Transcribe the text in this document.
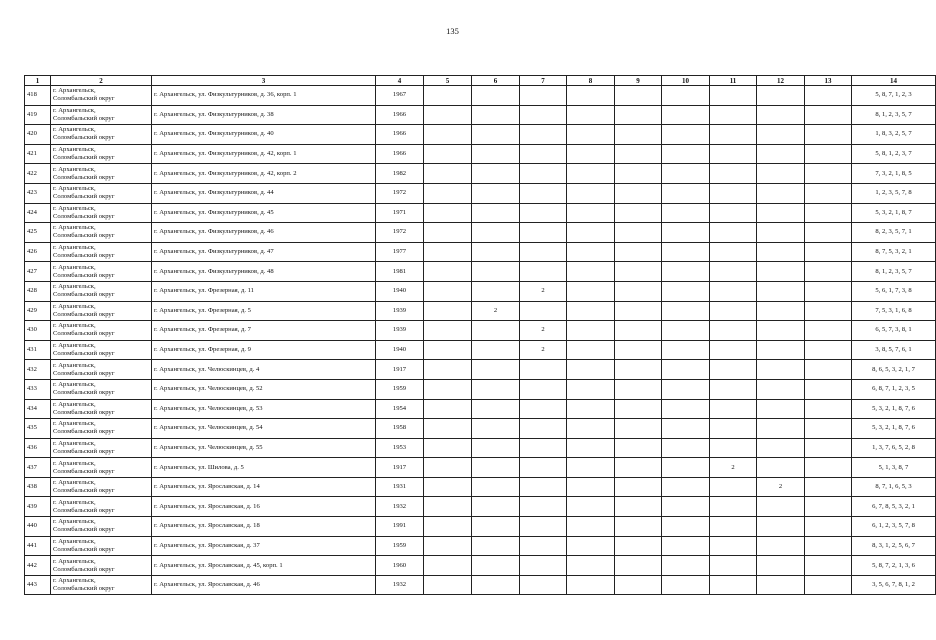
135
1	2	3	4	5	6	7	8	9	10	11	12	13	14
418	г. Архангельск,
Соломбальский округ	г. Архангельск, ул. Физкультурников, д. 36, корп. 1	1967										5, 8, 7, 1, 2, 3
419	г. Архангельск,
Соломбальский округ	г. Архангельск, ул. Физкультурников, д. 38	1966										8, 1, 2, 3, 5, 7
420	г. Архангельск,
Соломбальский округ	г. Архангельск, ул. Физкультурников, д. 40	1966										1, 8, 3, 2, 5, 7
421	г. Архангельск,
Соломбальский округ	г. Архангельск, ул. Физкультурников, д. 42, корп. 1	1966										5, 8, 1, 2, 3, 7
422	г. Архангельск,
Соломбальский округ	г. Архангельск, ул. Физкультурников, д. 42, корп. 2	1982										7, 3, 2, 1, 8, 5
423	г. Архангельск,
Соломбальский округ	г. Архангельск, ул. Физкультурников, д. 44	1972										1, 2, 3, 5, 7, 8
424	г. Архангельск,
Соломбальский округ	г. Архангельск, ул. Физкультурников, д. 45	1971										5, 3, 2, 1, 8, 7
425	г. Архангельск,
Соломбальский округ	г. Архангельск, ул. Физкультурников, д. 46	1972										8, 2, 3, 5, 7, 1
426	г. Архангельск,
Соломбальский округ	г. Архангельск, ул. Физкультурников, д. 47	1977										8, 7, 5, 3, 2, 1
427	г. Архангельск,
Соломбальский округ	г. Архангельск, ул. Физкультурников, д. 48	1981										8, 1, 2, 3, 5, 7
428	г. Архангельск,
Соломбальский округ	г. Архангельск, ул. Фрезерная, д. 11	1940			2							5, 6, 1, 7, 3, 8
429	г. Архангельск,
Соломбальский округ	г. Архангельск, ул. Фрезерная, д. 5	1939		2								7, 5, 3, 1, 6, 8
430	г. Архангельск,
Соломбальский округ	г. Архангельск, ул. Фрезерная, д. 7	1939			2							6, 5, 7, 3, 8, 1
431	г. Архангельск,
Соломбальский округ	г. Архангельск, ул. Фрезерная, д. 9	1940			2							3, 8, 5, 7, 6, 1
432	г. Архангельск,
Соломбальский округ	г. Архангельск, ул. Челюскинцев, д. 4	1917										8, 6, 5, 3, 2, 1, 7
433	г. Архангельск,
Соломбальский округ	г. Архангельск, ул. Челюскинцев, д. 52	1959										6, 8, 7, 1, 2, 3, 5
434	г. Архангельск,
Соломбальский округ	г. Архангельск, ул. Челюскинцев, д. 53	1954										5, 3, 2, 1, 8, 7, 6
435	г. Архангельск,
Соломбальский округ	г. Архангельск, ул. Челюскинцев, д. 54	1958										5, 3, 2, 1, 8, 7, 6
436	г. Архангельск,
Соломбальский округ	г. Архангельск, ул. Челюскинцев, д. 55	1953										1, 3, 7, 6, 5, 2, 8
437	г. Архангельск,
Соломбальский округ	г. Архангельск, ул. Шилова, д. 5	1917							2			5, 1, 3, 8, 7
438	г. Архангельск,
Соломбальский округ	г. Архангельск, ул. Ярославская, д. 14	1931								2		8, 7, 1, 6, 5, 3
439	г. Архангельск,
Соломбальский округ	г. Архангельск, ул. Ярославская, д. 16	1932										6, 7, 8, 5, 3, 2, 1
440	г. Архангельск,
Соломбальский округ	г. Архангельск, ул. Ярославская, д. 18	1991										6, 1, 2, 3, 5, 7, 8
441	г. Архангельск,
Соломбальский округ	г. Архангельск, ул. Ярославская, д. 37	1959										8, 3, 1, 2, 5, 6, 7
442	г. Архангельск,
Соломбальский округ	г. Архангельск, ул. Ярославская, д. 45, корп. 1	1960										5, 8, 7, 2, 1, 3, 6
443	г. Архангельск,
Соломбальский округ	г. Архангельск, ул. Ярославская, д. 46	1932										3, 5, 6, 7, 8, 1, 2
